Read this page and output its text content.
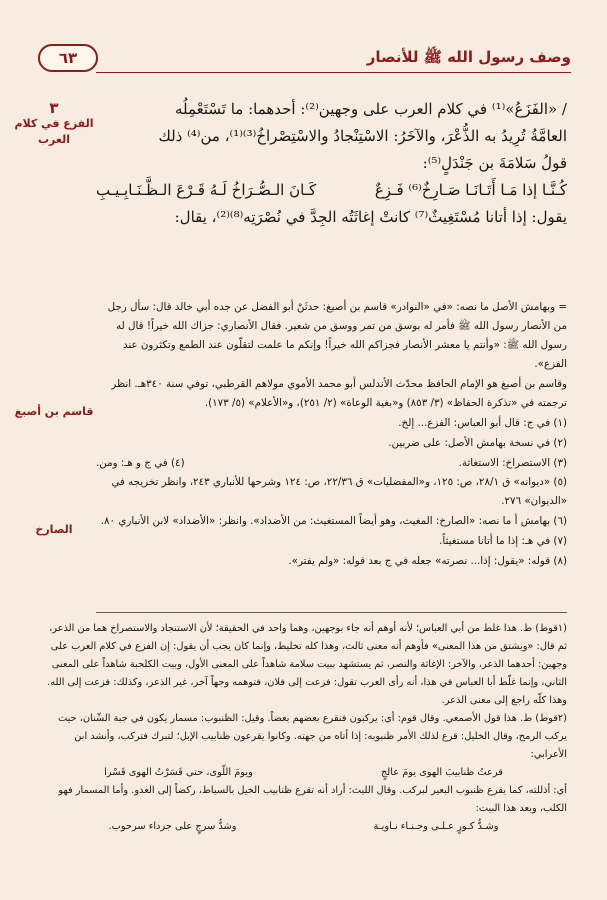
وصف رسول الله ﷺ للأنصار
٦٣
٣
الفزع في كلام العرب
قاسم بن أصبغ
الصارخ

/ «الفَزَعُ»⁽¹⁾ في كلام العرب على وجهين⁽²⁾: أحدهما: ما تَسْتَعْمِلُه

العامَّةُ تُرِيدُ به الذُّعْرَ، والآخَرُ: الاسْتِنْجادُ والاسْتِصْراخُ⁽³⁾⁽¹⁾، من⁽⁴⁾ ذلك

قولُ سَلامَةَ بن جَنْدَلٍ⁽⁵⁾:

كُـنَّـا إذا مَـا أَتَـانَـا صَـارِخٌ⁽⁶⁾ فَـزِعٌ
كَـانَ الـصُّـرَاخُ لَـهُ قَـرْعَ الـظَّـنَـابِـيـبِ

يقول: إذا أتانا مُسْتَغِيثٌ⁽⁷⁾ كانتْ إغاثَتُه الجِدَّ في نُصْرَتِه⁽⁸⁾⁽²⁾، يقال:

= وبهامش الأصل ما نصه: «في «النوادر» قاسم بن أصبغ: حدثَنْ أبو الفضل عن جده أبي خالد قال: سأل رجل من الأنصار رسول الله ﷺ فأمر له بوسق من تمر ووسق من شعير. فقال الأنصاري: جزاك الله خيراً! قال له رسول الله ﷺ: «وأنتم يا معشر الأنصار فجزاكم الله خيراً! وإنكم ما علمت لتقلّون عند الطمع وتكثرون عند الفزع».

وقاسم بن أصبغ هو الإمام الحافظ محدّث الأندلس أبو محمد الأموي مولاهم القرطبي، توفي سنة ٣٤٠هـ. انظر ترجمته في «تذكرة الحفاظ» (٣/ ٨٥٣) و«بغية الوعاة» (٢/ ٢٥١)، و«الأعلام» (٥/ ١٧٣).

(١) في ج: قال أبو العباس: الفزع... إلخ.

(٢) في نسخة بهامش الأصل: على ضربين.

(٣) الاستصراخ: الاستغاثة.
(٤) في ج و هـ: ومن.

(٥) «ديوانه» ق ٢٨/١، ص: ١٢٥، و«المفضليات» ق ٢٢/٣٦، ص: ١٢٤ وشرحها للأنباري ٢٤٣، وانظر تخريجه في «الديوان» ٢٧٦.

(٦) بهامش أ ما نصه: «الصارخ: المغيث، وهو أيضاً المستغيث: من الأضداد». وانظر: «الأضداد» لابن الأنباري ٨٠.

(٧) في هـ: إذا ما أتانا مستغيثاً.

(٨) قوله: «يقول: إذا... نصرته» جعله في ج بعد قوله: «ولم يفتر».

(١قوط) ط. هذا غلط من أبي العباس؛ لأنه أوهم أنه جاء بوجهين، وهما واحد في الحقيقة؛ لأن الاستنجاد والاستصراخ هما من الذعر، ثم قال: «ويشتق من هذا المعنى» فأوهم أنه معنى ثالث، وهذا كله تخليط، وإنما كان يجب أن يقول: إن الفزع في كلام العرب على وجهين: أحدهما الذعر، والآخر: الإغاثة والنصر، ثم يستشهد ببيت سلامة شاهداً على المعنى الأول، وبيت الكلحبة شاهداً على المعنى الثاني، وإنما غلّط أبا العباس في هذا، أنه رأى العرب تقول: فزعت إلى فلان، فتوهمه وجهاً آخر، غير الذعر، وكذلك: فزعت إلى الله. وهذا كلّه راجع إلى معنى الذعر.

(٢قوط) ط. هذا قول الأصمعي. وقال قوم: أي: يركبون فنقرع بعضهم بعضاً. وقيل: الظنبوب: مسمار يكون في جبة السِّنان، حيث يركب الرمح، وقال الخليل: قرع لذلك الأمر ظنبوبه: إذا أتاه من جهته. وكانوا يقرعون ظنابيب الإبل؛ لتبرك فتركب، وأنشد ابن الأعرابي:

قرعتُ ظنابيبَ الهوى يومَ عالجٍ
ويومَ اللّوى، حتى قَسَرْتُ الهوى قَسْرا

أي: أذللته، كما يقرع ظنبوب البعير لبركب. وقال الليث: أراد أنه تقرع ظنابيب الخيل بالسياط، ركضاً إلى العدو. وأما المسمار فهو الكلب، وبعد هذا البيت:

وشـدُّ كـورٍ عـلـى وجـنـاء نـاويـة
وشدُّ سرجٍ على جرداء سرحوب.
